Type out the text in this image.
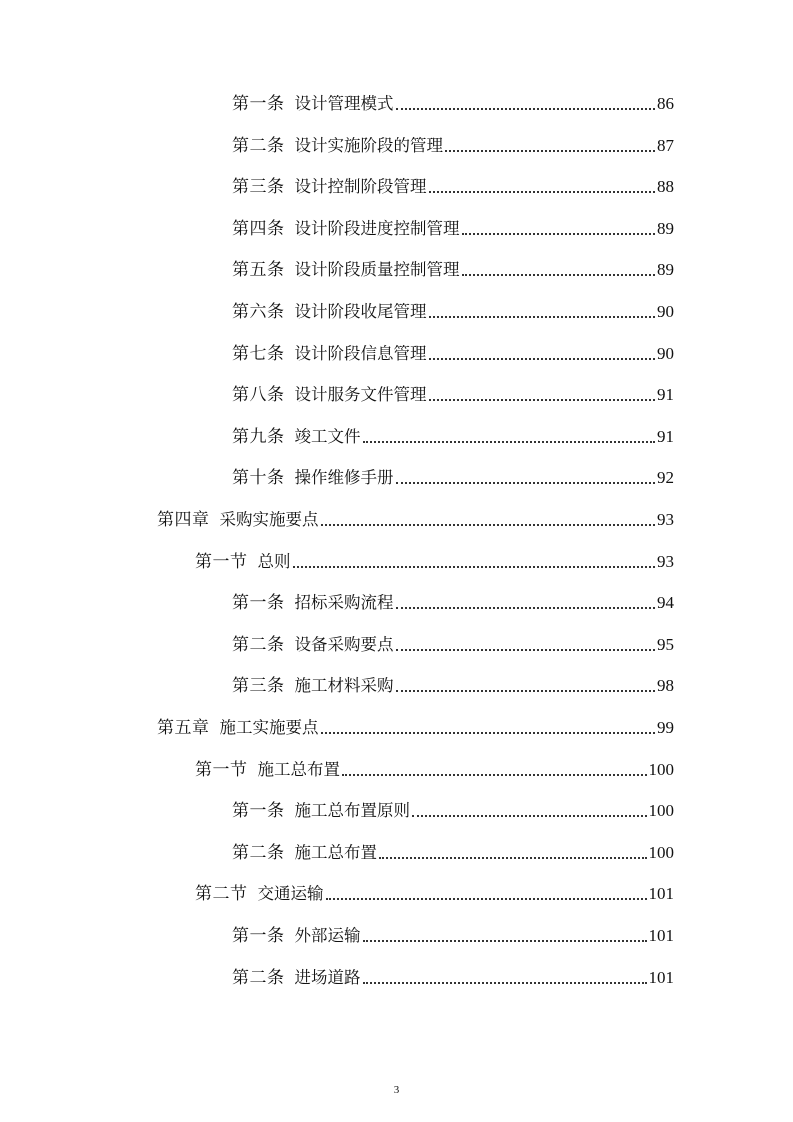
第一条 设计管理模式	86
第二条 设计实施阶段的管理	87
第三条 设计控制阶段管理	88
第四条 设计阶段进度控制管理	89
第五条 设计阶段质量控制管理	89
第六条 设计阶段收尾管理	90
第七条 设计阶段信息管理	90
第八条 设计服务文件管理	91
第九条 竣工文件	91
第十条 操作维修手册	92
第四章 采购实施要点	93
第一节 总则	93
第一条 招标采购流程	94
第二条 设备采购要点	95
第三条 施工材料采购	98
第五章 施工实施要点	99
第一节 施工总布置	100
第一条 施工总布置原则	100
第二条 施工总布置	100
第二节 交通运输	101
第一条 外部运输	101
第二条 进场道路	101
3
